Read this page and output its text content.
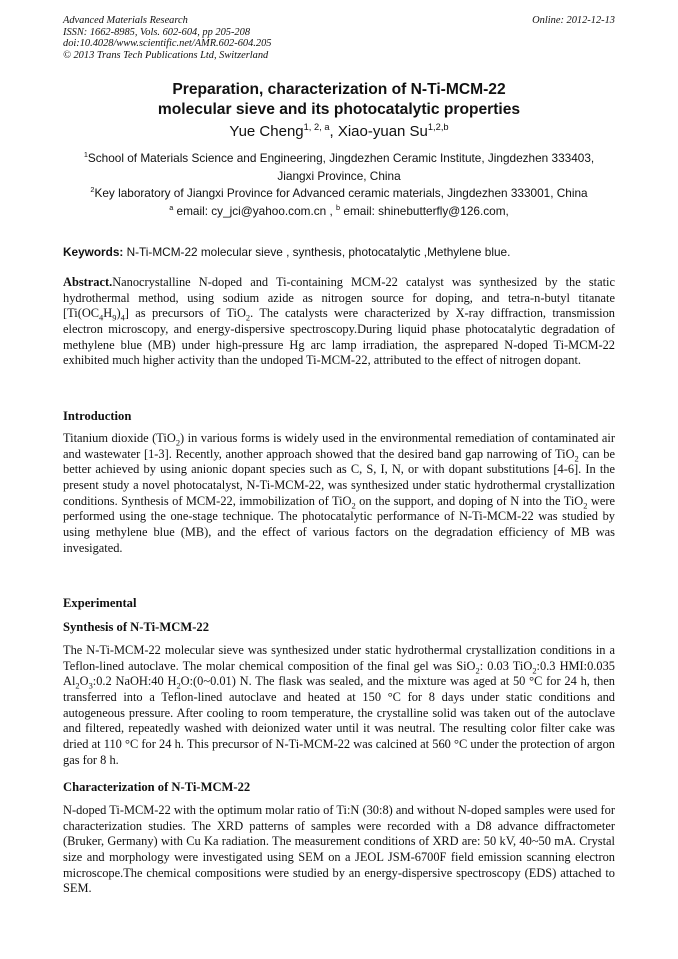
Advanced Materials Research
ISSN: 1662-8985, Vols. 602-604, pp 205-208
doi:10.4028/www.scientific.net/AMR.602-604.205
© 2013 Trans Tech Publications Ltd, Switzerland
Online: 2012-12-13
Preparation, characterization of N-Ti-MCM-22
molecular sieve and its photocatalytic properties
Yue Cheng$^{1, 2, a}$, Xiao-yuan Su$^{1,2,b}$
$^1$School of Materials Science and Engineering, Jingdezhen Ceramic Institute, Jingdezhen 333403,
Jiangxi Province, China
$^2$Key laboratory of Jiangxi Province for Advanced ceramic materials, Jingdezhen 333001, China
$^a$ email: cy_jci@yahoo.com.cn , $^b$ email: shinebutterfly@126.com,
Keywords: N-Ti-MCM-22 molecular sieve , synthesis, photocatalytic ,Methylene blue.
Abstract.Nanocrystalline N-doped and Ti-containing MCM-22 catalyst was synthesized by the static hydrothermal method, using sodium azide as nitrogen source for doping, and tetra-n-butyl titanate $[Ti(OC_4H_9)_4]$ as precursors of TiO$_2$. The catalysts were characterized by X-ray diffraction, transmission electron microscopy, and energy-dispersive spectroscopy.During liquid phase photocatalytic degradation of methylene blue (MB) under high-pressure Hg arc lamp irradiation, the asprepared N-doped Ti-MCM-22 exhibited much higher activity than the undoped Ti-MCM-22, attributed to the effect of nitrogen dopant.
Introduction
Titanium dioxide (TiO$_2$) in various forms is widely used in the environmental remediation of contaminated air and wastewater [1-3]. Recently, another approach showed that the desired band gap narrowing of TiO$_2$ can be better achieved by using anionic dopant species such as C, S, I, N, or with dopant substitutions [4-6]. In the present study a novel photocatalyst, N-Ti-MCM-22, was synthesized under static hydrothermal crystallization conditions. Synthesis of MCM-22, immobilization of TiO$_2$ on the support, and doping of N into the TiO$_2$ were performed using the one-stage technique. The photocatalytic performance of N-Ti-MCM-22 was studied by using methylene blue (MB), and the effect of various factors on the degradation efficiency of MB was invesigated.
Experimental
Synthesis of N-Ti-MCM-22
The N-Ti-MCM-22 molecular sieve was synthesized under static hydrothermal crystallization conditions in a Teflon-lined autoclave. The molar chemical composition of the final gel was SiO$_2$: 0.03 TiO$_2$:0.3 HMI:0.035 $Al_2O_3:0.2$ NaOH:40 $H_2O:(0\sim 0.01)$ N. The flask was sealed, and the mixture was aged at 50 °C for 24 h, then transferred into a Teflon-lined autoclave and heated at 150 °C for 8 days under static conditions and autogeneous pressure. After cooling to room temperature, the crystalline solid was taken out of the autoclave and filtered, repeatedly washed with deionized water until it was neutral. The resulting color filter cake was dried at 110 °C for 24 h. This precursor of N-Ti-MCM-22 was calcined at 560 °C under the protection of argon gas for 8 h.
Characterization of N-Ti-MCM-22
N-doped Ti-MCM-22 with the optimum molar ratio of Ti:N (30:8) and without N-doped samples were used for characterization studies. The XRD patterns of samples were recorded with a D8 advance diffractometer (Bruker, Germany) with Cu Ka radiation. The measurement conditions of XRD are: 50 kV, 40~50 mA. Crystal size and morphology were investigated using SEM on a JEOL JSM-6700F field emission scanning electron microscope.The chemical compositions were studied by an energy-dispersive spectroscopy (EDS) attached to SEM.
